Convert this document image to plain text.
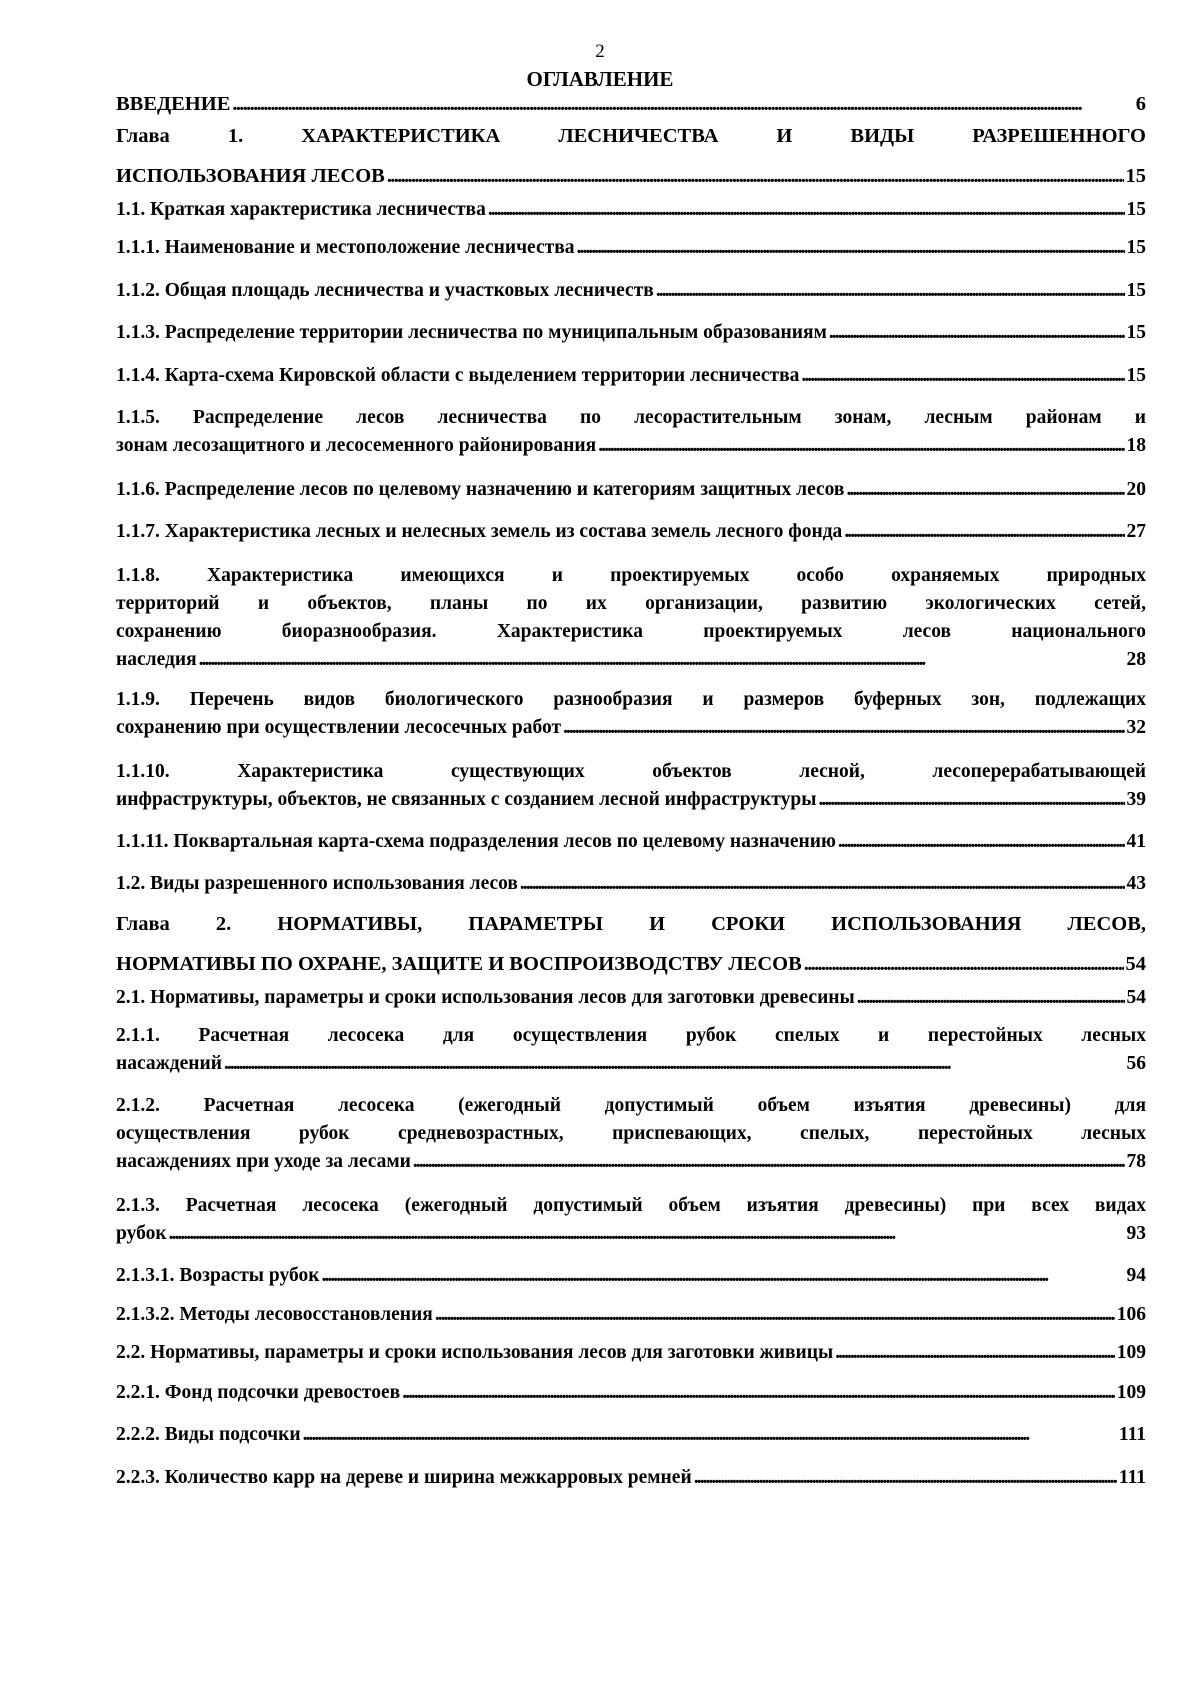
2
ОГЛАВЛЕНИЕ
ВВЕДЕНИЕ . . .	6
Глава 1. ХАРАКТЕРИСТИКА ЛЕСНИЧЕСТВА И ВИДЫ РАЗРЕШЕННОГО
ИСПОЛЬЗОВАНИЯ ЛЕСОВ . . .	15
1.1. Краткая характеристика лесничества . . .	15
1.1.1. Наименование и местоположение лесничества . . .	15
1.1.2. Общая площадь лесничества и участковых лесничеств . . .	15
1.1.3. Распределение территории лесничества по муниципальным образованиям . . .	15
1.1.4. Карта-схема Кировской области с выделением территории лесничества . . .	15
1.1.5. Распределение лесов лесничества по лесорастительным зонам, лесным районам и
зонам лесозащитного и лесосеменного районирования . . .	18
1.1.6. Распределение лесов по целевому назначению и категориям защитных лесов . . .	20
1.1.7. Характеристика лесных и нелесных земель из состава земель лесного фонда . . .	27
1.1.8. Характеристика имеющихся и проектируемых особо охраняемых природных
территорий и объектов, планы по их организации, развитию экологических сетей,
сохранению биоразнообразия. Характеристика проектируемых лесов национального
наследия . . .	28
1.1.9. Перечень видов биологического разнообразия и размеров буферных зон, подлежащих
сохранению при осуществлении лесосечных работ . . .	32
1.1.10. Характеристика существующих объектов лесной, лесоперерабатывающей
инфраструктуры, объектов, не связанных с созданием лесной инфраструктуры . . .	39
1.1.11. Поквартальная карта-схема подразделения лесов по целевому назначению . . .	41
1.2. Виды разрешенного использования лесов . . .	43
Глава 2. НОРМАТИВЫ, ПАРАМЕТРЫ И СРОКИ ИСПОЛЬЗОВАНИЯ ЛЕСОВ,
НОРМАТИВЫ ПО ОХРАНЕ, ЗАЩИТЕ И ВОСПРОИЗВОДСТВУ ЛЕСОВ . . .	54
2.1. Нормативы, параметры и сроки использования лесов для заготовки древесины . . .	54
2.1.1. Расчетная лесосека для осуществления рубок спелых и перестойных лесных
насаждений . . .	56
2.1.2. Расчетная лесосека (ежегодный допустимый объем изъятия древесины) для
осуществления рубок средневозрастных, приспевающих, спелых, перестойных лесных
насаждениях при уходе за лесами . . .	78
2.1.3. Расчетная лесосека (ежегодный допустимый объем изъятия древесины) при всех видах
рубок . . .	93
2.1.3.1. Возрасты рубок . . .	94
2.1.3.2. Методы лесовосстановления . . .	106
2.2. Нормативы, параметры и сроки использования лесов для заготовки живицы . . .	109
2.2.1. Фонд подсочки древостоев . . .	109
2.2.2. Виды подсочки . . .	111
2.2.3. Количество карр на дереве и ширина межкарровых ремней . . .	111
